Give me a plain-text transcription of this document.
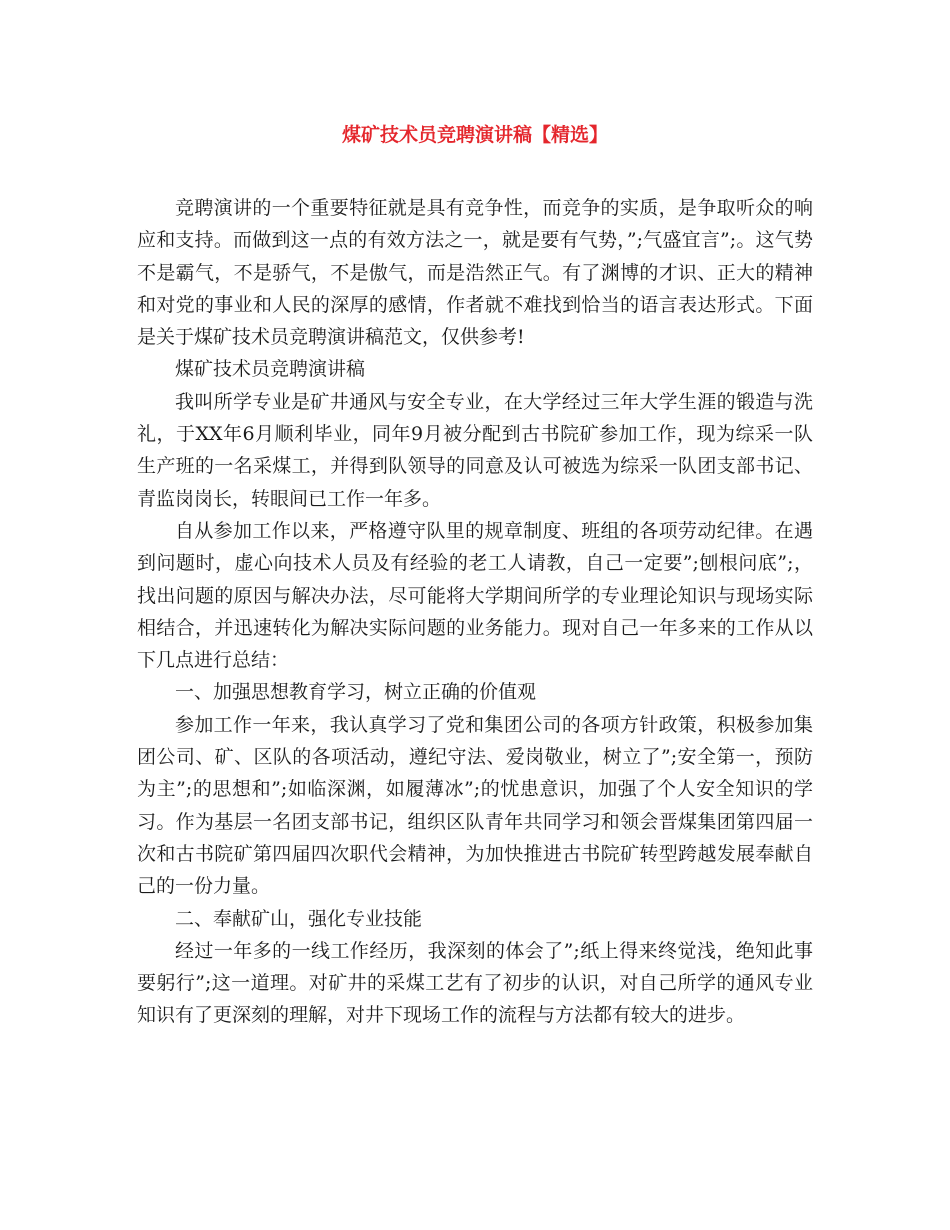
煤矿技术员竞聘演讲稿【精选】

竞聘演讲的一个重要特征就是具有竞争性，而竞争的实质，是争取听众的响应和支持。而做到这一点的有效方法之一，就是要有气势，”;气盛宜言”;。这气势不是霸气，不是骄气，不是傲气，而是浩然正气。有了渊博的才识、正大的精神和对党的事业和人民的深厚的感情，作者就不难找到恰当的语言表达形式。下面是关于煤矿技术员竞聘演讲稿范文，仅供参考!

煤矿技术员竞聘演讲稿

我叫所学专业是矿井通风与安全专业，在大学经过三年大学生涯的锻造与洗礼，于XX年6月顺利毕业，同年9月被分配到古书院矿参加工作，现为综采一队生产班的一名采煤工，并得到队领导的同意及认可被选为综采一队团支部书记、青监岗岗长，转眼间已工作一年多。

自从参加工作以来，严格遵守队里的规章制度、班组的各项劳动纪律。在遇到问题时，虚心向技术人员及有经验的老工人请教，自己一定要”;刨根问底”;，找出问题的原因与解决办法，尽可能将大学期间所学的专业理论知识与现场实际相结合，并迅速转化为解决实际问题的业务能力。现对自己一年多来的工作从以下几点进行总结：

一、加强思想教育学习，树立正确的价值观

参加工作一年来，我认真学习了党和集团公司的各项方针政策，积极参加集团公司、矿、区队的各项活动，遵纪守法、爱岗敬业，树立了”;安全第一，预防为主”;的思想和”;如临深渊，如履薄冰”;的忧患意识，加强了个人安全知识的学习。作为基层一名团支部书记，组织区队青年共同学习和领会晋煤集团第四届一次和古书院矿第四届四次职代会精神，为加快推进古书院矿转型跨越发展奉献自己的一份力量。

二、奉献矿山，强化专业技能

经过一年多的一线工作经历，我深刻的体会了”;纸上得来终觉浅，绝知此事要躬行”;这一道理。对矿井的采煤工艺有了初步的认识，对自己所学的通风专业知识有了更深刻的理解，对井下现场工作的流程与方法都有较大的进步。
